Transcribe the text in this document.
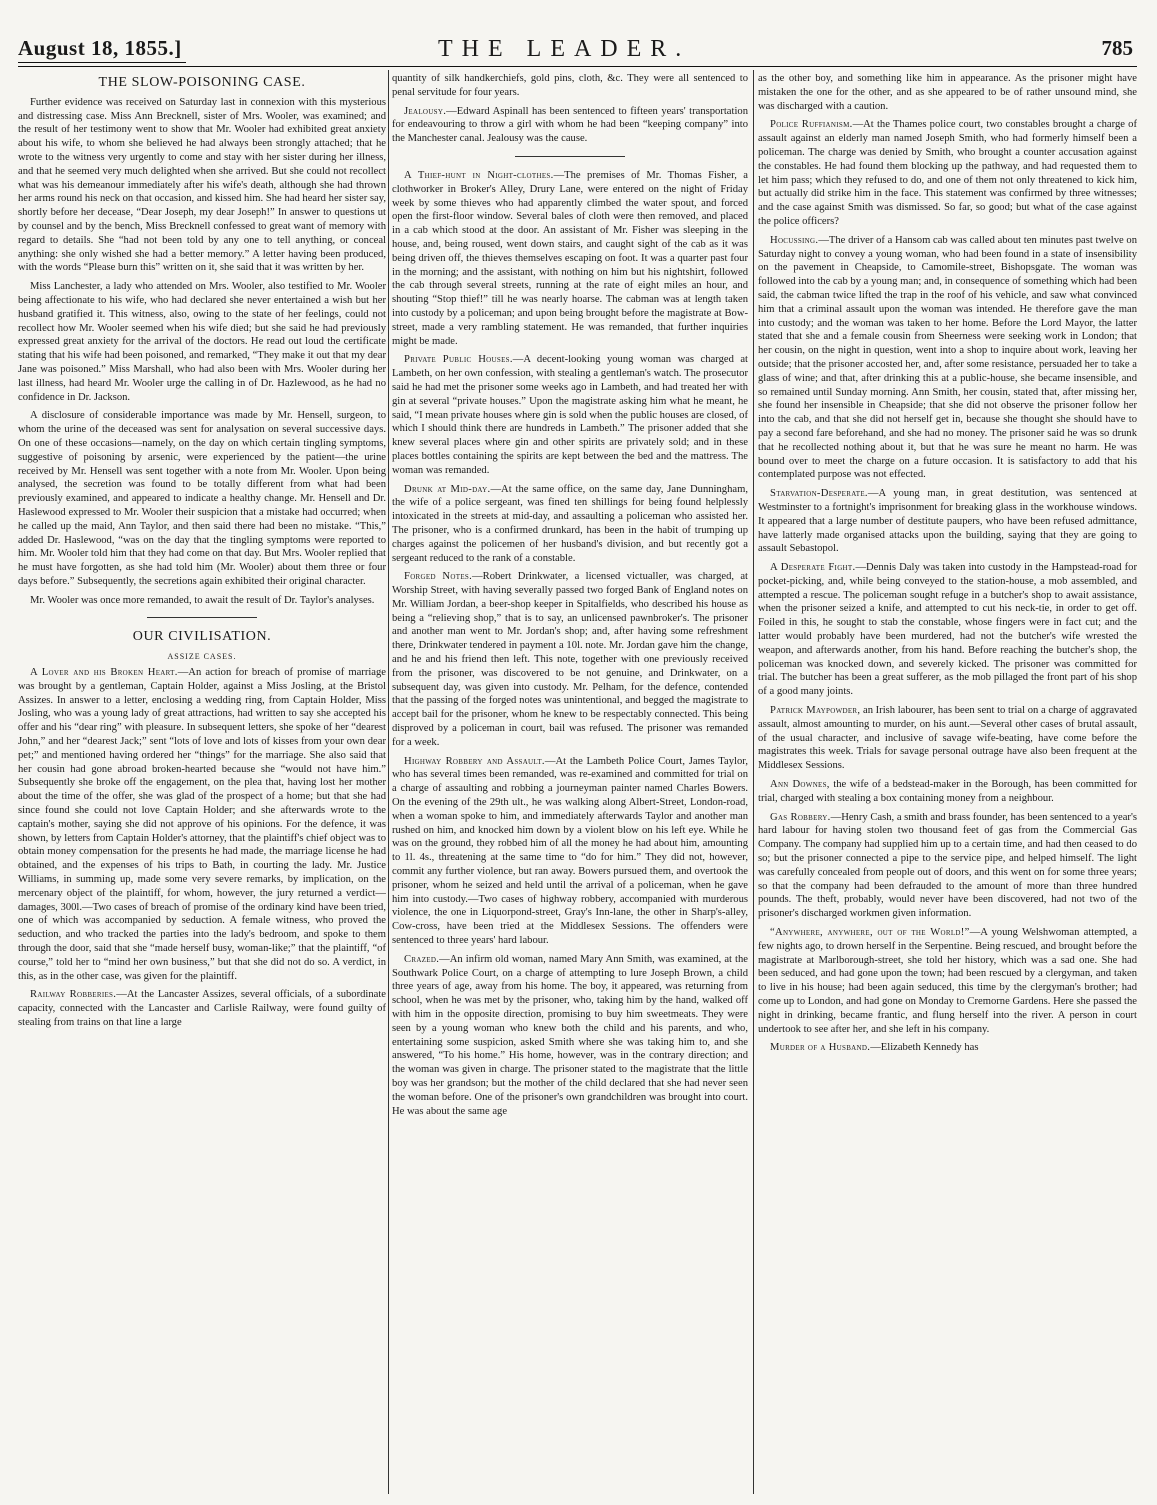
August 18, 1855.]	THE LEADER.	785
THE SLOW-POISONING CASE.

Further evidence was received on Saturday last in connexion with this mysterious and distressing case. Miss Ann Brecknell, sister of Mrs. Wooler, was examined; and the result of her testimony went to show that Mr. Wooler had exhibited great anxiety about his wife, to whom she believed he had always been strongly attached; that he wrote to the witness very urgently to come and stay with her sister during her illness, and that he seemed very much delighted when she arrived. But she could not recollect what was his demeanour immediately after his wife's death, although she had thrown her arms round his neck on that occasion, and kissed him. She had heard her sister say, shortly before her decease, “Dear Joseph, my dear Joseph!” In answer to questions ut by counsel and by the bench, Miss Brecknell confessed to great want of memory with regard to details. She “had not been told by any one to tell anything, or conceal anything: she only wished she had a better memory.” A letter having been produced, with the words “Please burn this” written on it, she said that it was written by her.

Miss Lanchester, a lady who attended on Mrs. Wooler, also testified to Mr. Wooler being affectionate to his wife, who had declared she never entertained a wish but her husband gratified it. This witness, also, owing to the state of her feelings, could not recollect how Mr. Wooler seemed when his wife died; but she said he had previously expressed great anxiety for the arrival of the doctors. He read out loud the certificate stating that his wife had been poisoned, and remarked, “They make it out that my dear Jane was poisoned.” Miss Marshall, who had also been with Mrs. Wooler during her last illness, had heard Mr. Wooler urge the calling in of Dr. Hazlewood, as he had no confidence in Dr. Jackson.

A disclosure of considerable importance was made by Mr. Hensell, surgeon, to whom the urine of the deceased was sent for analysation on several successive days. On one of these occasions—namely, on the day on which certain tingling symptoms, suggestive of poisoning by arsenic, were experienced by the patient—the urine received by Mr. Hensell was sent together with a note from Mr. Wooler. Upon being analysed, the secretion was found to be totally different from what had been previously examined, and appeared to indicate a healthy change. Mr. Hensell and Dr. Haslewood expressed to Mr. Wooler their suspicion that a mistake had occurred; when he called up the maid, Ann Taylor, and then said there had been no mistake. “This,” added Dr. Haslewood, “was on the day that the tingling symptoms were reported to him. Mr. Wooler told him that they had come on that day. But Mrs. Wooler replied that he must have forgotten, as she had told him (Mr. Wooler) about them three or four days before.” Subsequently, the secretions again exhibited their original character.

Mr. Wooler was once more remanded, to await the result of Dr. Taylor's analyses.

OUR CIVILISATION.
ASSIZE CASES.

A Lover and his Broken Heart.—An action for breach of promise of marriage was brought by a gentleman, Captain Holder, against a Miss Josling, at the Bristol Assizes. In answer to a letter, enclosing a wedding ring, from Captain Holder, Miss Josling, who was a young lady of great attractions, had written to say she accepted his offer and his “dear ring” with pleasure. In subsequent letters, she spoke of her “dearest John,” and her “dearest Jack;” sent “lots of love and lots of kisses from your own dear pet;” and mentioned having ordered her “things” for the marriage. She also said that her cousin had gone abroad broken-hearted because she “would not have him.” Subsequently she broke off the engagement, on the plea that, having lost her mother about the time of the offer, she was glad of the prospect of a home; but that she had since found she could not love Captain Holder; and she afterwards wrote to the captain's mother, saying she did not approve of his opinions. For the defence, it was shown, by letters from Captain Holder's attorney, that the plaintiff's chief object was to obtain money compensation for the presents he had made, the marriage license he had obtained, and the expenses of his trips to Bath, in courting the lady. Mr. Justice Williams, in summing up, made some very severe remarks, by implication, on the mercenary object of the plaintiff, for whom, however, the jury returned a verdict—damages, 300l.—Two cases of breach of promise of the ordinary kind have been tried, one of which was accompanied by seduction. A female witness, who proved the seduction, and who tracked the parties into the lady's bedroom, and spoke to them through the door, said that she “made herself busy, woman-like;” that the plaintiff, “of course,” told her to “mind her own business,” but that she did not do so. A verdict, in this, as in the other case, was given for the plaintiff.

Railway Robberies.—At the Lancaster Assizes, several officials, of a subordinate capacity, connected with the Lancaster and Carlisle Railway, were found guilty of stealing from trains on that line a large

quantity of silk handkerchiefs, gold pins, cloth, &c. They were all sentenced to penal servitude for four years.

Jealousy.—Edward Aspinall has been sentenced to fifteen years' transportation for endeavouring to throw a girl with whom he had been “keeping company” into the Manchester canal. Jealousy was the cause.

A Thief-hunt in Night-clothes.—The premises of Mr. Thomas Fisher, a clothworker in Broker's Alley, Drury Lane, were entered on the night of Friday week by some thieves who had apparently climbed the water spout, and forced open the first-floor window. Several bales of cloth were then removed, and placed in a cab which stood at the door. An assistant of Mr. Fisher was sleeping in the house, and, being roused, went down stairs, and caught sight of the cab as it was being driven off, the thieves themselves escaping on foot. It was a quarter past four in the morning; and the assistant, with nothing on him but his nightshirt, followed the cab through several streets, running at the rate of eight miles an hour, and shouting “Stop thief!” till he was nearly hoarse. The cabman was at length taken into custody by a policeman; and upon being brought before the magistrate at Bow-street, made a very rambling statement. He was remanded, that further inquiries might be made.

Private Public Houses.—A decent-looking young woman was charged at Lambeth, on her own confession, with stealing a gentleman's watch. The prosecutor said he had met the prisoner some weeks ago in Lambeth, and had treated her with gin at several “private houses.” Upon the magistrate asking him what he meant, he said, “I mean private houses where gin is sold when the public houses are closed, of which I should think there are hundreds in Lambeth.” The prisoner added that she knew several places where gin and other spirits are privately sold; and in these places bottles containing the spirits are kept between the bed and the mattress. The woman was remanded.

Drunk at Mid-day.—At the same office, on the same day, Jane Dunningham, the wife of a police sergeant, was fined ten shillings for being found helplessly intoxicated in the streets at mid-day, and assaulting a policeman who assisted her. The prisoner, who is a confirmed drunkard, has been in the habit of trumping up charges against the policemen of her husband's division, and but recently got a sergeant reduced to the rank of a constable.

Forged Notes.—Robert Drinkwater, a licensed victualler, was charged, at Worship Street, with having severally passed two forged Bank of England notes on Mr. William Jordan, a beer-shop keeper in Spitalfields, who described his house as being a “relieving shop,” that is to say, an unlicensed pawnbroker's. The prisoner and another man went to Mr. Jordan's shop; and, after having some refreshment there, Drinkwater tendered in payment a 10l. note. Mr. Jordan gave him the change, and he and his friend then left. This note, together with one previously received from the prisoner, was discovered to be not genuine, and Drinkwater, on a subsequent day, was given into custody. Mr. Pelham, for the defence, contended that the passing of the forged notes was unintentional, and begged the magistrate to accept bail for the prisoner, whom he knew to be respectably connected. This being disproved by a policeman in court, bail was refused. The prisoner was remanded for a week.

Highway Robbery and Assault.—At the Lambeth Police Court, James Taylor, who has several times been remanded, was re-examined and committed for trial on a charge of assaulting and robbing a journeyman painter named Charles Bowers. On the evening of the 29th ult., he was walking along Albert-Street, London-road, when a woman spoke to him, and immediately afterwards Taylor and another man rushed on him, and knocked him down by a violent blow on his left eye. While he was on the ground, they robbed him of all the money he had about him, amounting to 1l. 4s., threatening at the same time to “do for him.” They did not, however, commit any further violence, but ran away. Bowers pursued them, and overtook the prisoner, whom he seized and held until the arrival of a policeman, when he gave him into custody.—Two cases of highway robbery, accompanied with murderous violence, the one in Liquorpond-street, Gray's Inn-lane, the other in Sharp's-alley, Cow-cross, have been tried at the Middlesex Sessions. The offenders were sentenced to three years' hard labour.

Crazed.—An infirm old woman, named Mary Ann Smith, was examined, at the Southwark Police Court, on a charge of attempting to lure Joseph Brown, a child three years of age, away from his home. The boy, it appeared, was returning from school, when he was met by the prisoner, who, taking him by the hand, walked off with him in the opposite direction, promising to buy him sweetmeats. They were seen by a young woman who knew both the child and his parents, and who, entertaining some suspicion, asked Smith where she was taking him to, and she answered, “To his home.” His home, however, was in the contrary direction; and the woman was given in charge. The prisoner stated to the magistrate that the little boy was her grandson; but the mother of the child declared that she had never seen the woman before. One of the prisoner's own grandchildren was brought into court. He was about the same age

as the other boy, and something like him in appearance. As the prisoner might have mistaken the one for the other, and as she appeared to be of rather unsound mind, she was discharged with a caution.

Police Ruffianism.—At the Thames police court, two constables brought a charge of assault against an elderly man named Joseph Smith, who had formerly himself been a policeman. The charge was denied by Smith, who brought a counter accusation against the constables. He had found them blocking up the pathway, and had requested them to let him pass; which they refused to do, and one of them not only threatened to kick him, but actually did strike him in the face. This statement was confirmed by three witnesses; and the case against Smith was dismissed. So far, so good; but what of the case against the police officers?

Hocussing.—The driver of a Hansom cab was called about ten minutes past twelve on Saturday night to convey a young woman, who had been found in a state of insensibility on the pavement in Cheapside, to Camomile-street, Bishopsgate. The woman was followed into the cab by a young man; and, in consequence of something which had been said, the cabman twice lifted the trap in the roof of his vehicle, and saw what convinced him that a criminal assault upon the woman was intended. He therefore gave the man into custody; and the woman was taken to her home. Before the Lord Mayor, the latter stated that she and a female cousin from Sheerness were seeking work in London; that her cousin, on the night in question, went into a shop to inquire about work, leaving her outside; that the prisoner accosted her, and, after some resistance, persuaded her to take a glass of wine; and that, after drinking this at a public-house, she became insensible, and so remained until Sunday morning. Ann Smith, her cousin, stated that, after missing her, she found her insensible in Cheapside; that she did not observe the prisoner follow her into the cab, and that she did not herself get in, because she thought she should have to pay a second fare beforehand, and she had no money. The prisoner said he was so drunk that he recollected nothing about it, but that he was sure he meant no harm. He was bound over to meet the charge on a future occasion. It is satisfactory to add that his contemplated purpose was not effected.

Starvation-Desperate.—A young man, in great destitution, was sentenced at Westminster to a fortnight's imprisonment for breaking glass in the workhouse windows. It appeared that a large number of destitute paupers, who have been refused admittance, have latterly made organised attacks upon the building, saying that they are going to assault Sebastopol.

A Desperate Fight.—Dennis Daly was taken into custody in the Hampstead-road for pocket-picking, and, while being conveyed to the station-house, a mob assembled, and attempted a rescue. The policeman sought refuge in a butcher's shop to await assistance, when the prisoner seized a knife, and attempted to cut his neck-tie, in order to get off. Foiled in this, he sought to stab the constable, whose fingers were in fact cut; and the latter would probably have been murdered, had not the butcher's wife wrested the weapon, and afterwards another, from his hand. Before reaching the butcher's shop, the policeman was knocked down, and severely kicked. The prisoner was committed for trial. The butcher has been a great sufferer, as the mob pillaged the front part of his shop of a good many joints.

Patrick Maypowder, an Irish labourer, has been sent to trial on a charge of aggravated assault, almost amounting to murder, on his aunt.—Several other cases of brutal assault, of the usual character, and inclusive of savage wife-beating, have come before the magistrates this week. Trials for savage personal outrage have also been frequent at the Middlesex Sessions.

Ann Downes, the wife of a bedstead-maker in the Borough, has been committed for trial, charged with stealing a box containing money from a neighbour.

Gas Robbery.—Henry Cash, a smith and brass founder, has been sentenced to a year's hard labour for having stolen two thousand feet of gas from the Commercial Gas Company. The company had supplied him up to a certain time, and had then ceased to do so; but the prisoner connected a pipe to the service pipe, and helped himself. The light was carefully concealed from people out of doors, and this went on for some three years; so that the company had been defrauded to the amount of more than three hundred pounds. The theft, probably, would never have been discovered, had not two of the prisoner's discharged workmen given information.

“Anywhere, anywhere, out of the World!”—A young Welshwoman attempted, a few nights ago, to drown herself in the Serpentine. Being rescued, and brought before the magistrate at Marlborough-street, she told her history, which was a sad one. She had been seduced, and had gone upon the town; had been rescued by a clergyman, and taken to live in his house; had been again seduced, this time by the clergyman's brother; had come up to London, and had gone on Monday to Cremorne Gardens. Here she passed the night in drinking, became frantic, and flung herself into the river. A person in court undertook to see after her, and she left in his company.

Murder of a Husband.—Elizabeth Kennedy has
